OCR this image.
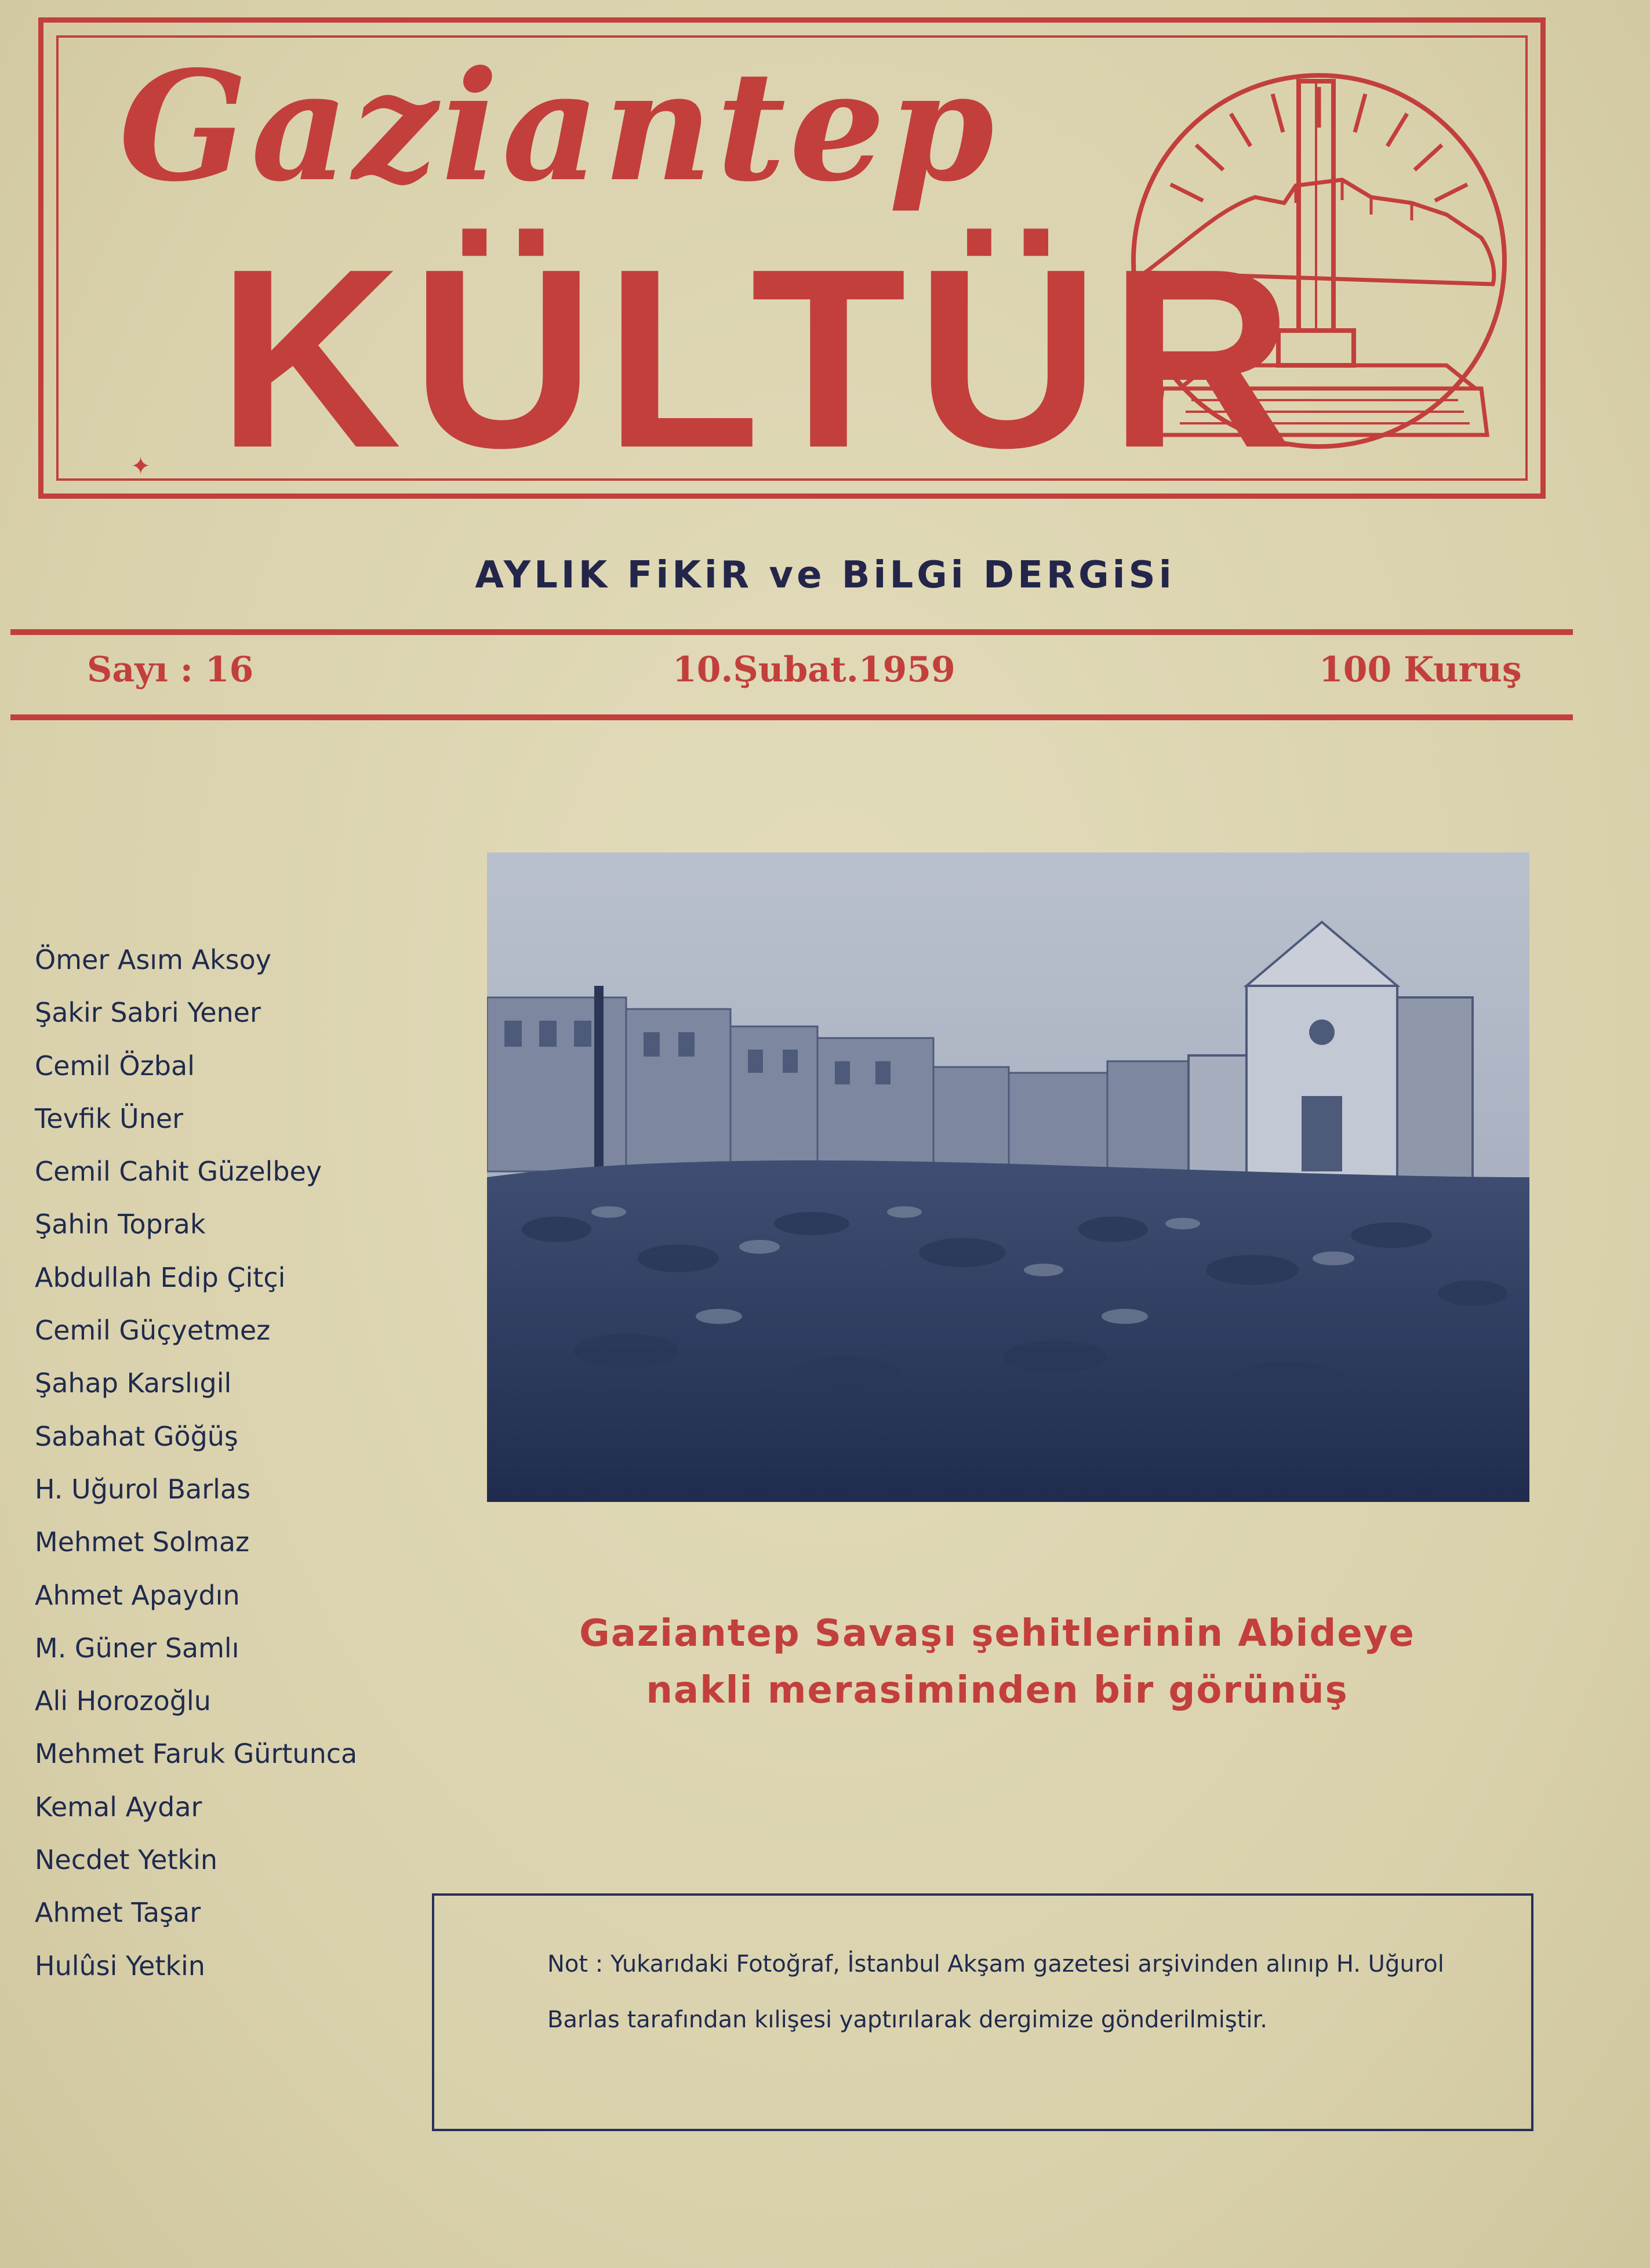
Gaziantep
KÜLTÜR
✦
AYLIK FiKiR ve BiLGi DERGiSi
Sayı : 16	10.Şubat.1959	100 Kuruş
Ömer Asım Aksoy
Şakir Sabri Yener
Cemil Özbal
Tevfik Üner
Cemil Cahit Güzelbey
Şahin Toprak
Abdullah Edip Çitçi
Cemil Güçyetmez
Şahap Karslıgil
Sabahat Göğüş
H. Uğurol Barlas
Mehmet Solmaz
Ahmet Apaydın
M. Güner Samlı
Ali Horozoğlu
Mehmet Faruk Gürtunca
Kemal Aydar
Necdet Yetkin
Ahmet Taşar
Hulûsi Yetkin
Gaziantep Savaşı şehitlerinin Abideye
nakli merasiminden bir görünüş
Not : Yukarıdaki Fotoğraf, İstanbul Akşam gazetesi arşivinden alınıp H. Uğurol Barlas tarafından kılişesi yaptırılarak dergimize gönderilmiştir.
